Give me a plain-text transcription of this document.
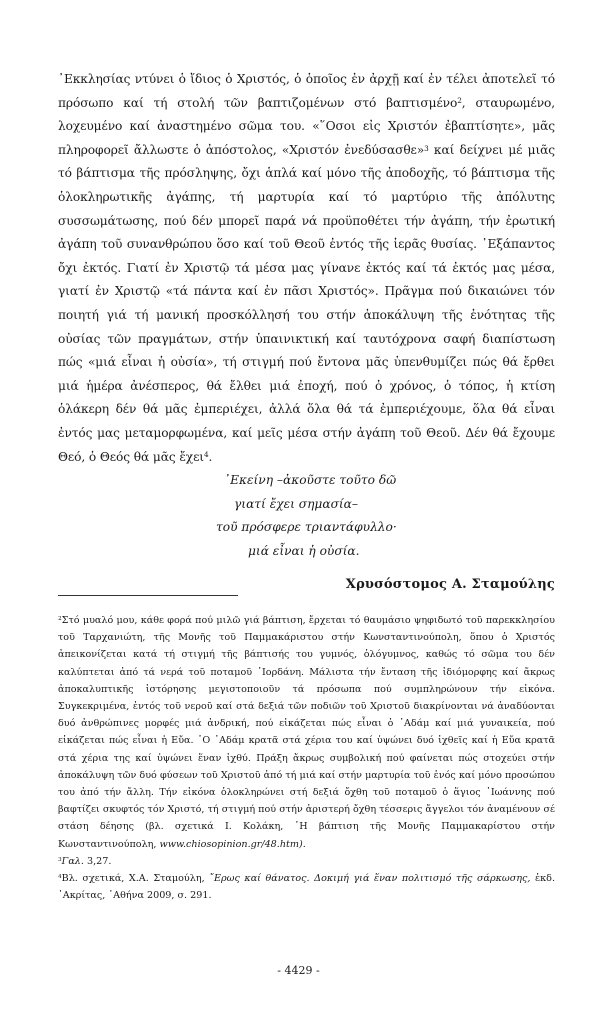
᾿Εκκλησίας ντύνει ὁ ἴδιος ὁ Χριστός, ὁ ὁποῖος ἐν ἀρχῇ καί ἐν τέλει ἀποτελεῖ τό πρόσωπο καί τή στολή τῶν βαπτιζομένων στό βαπτισμένο$^2$, σταυρωμένο, λοχευμένο καί ἀναστημένο σῶμα του. «῞Οσοι εἰς Χριστόν ἐβαπτίσητε», μᾶς πληροφορεῖ ἄλλωστε ὁ ἀπόστολος, «Χριστόν ἐνεδύσασθε»$^3$ καί δείχνει μέ μιᾶς τό βάπτισμα τῆς πρόσληψης, ὄχι ἁπλά καί μόνο τῆς ἀποδοχῆς, τό βάπτισμα τῆς ὁλοκληρωτικῆς ἀγάπης, τή μαρτυρία καί τό μαρτύριο τῆς ἀπόλυτης συσσωμάτωσης, πού δέν μπορεῖ παρά νά προϋποθέτει τήν ἀγάπη, τήν ἐρωτική ἀγάπη τοῦ συνανθρώπου ὅσο καί τοῦ Θεοῦ ἐντός τῆς ἱερᾶς θυσίας. ᾿Εξάπαντος ὄχι ἐκτός. Γιατί ἐν Χριστῷ τά μέσα μας γίνανε ἐκτός καί τά ἐκτός μας μέσα, γιατί ἐν Χριστῷ «τά πάντα καί ἐν πᾶσι Χριστός». Πρᾶγμα πού δικαιώνει τόν ποιητή γιά τή μανική προσκόλλησή του στήν ἀποκάλυψη τῆς ἑνότητας τῆς οὐσίας τῶν πραγμάτων, στήν ὑπαινικτική καί ταυτόχρονα σαφή διαπίστωση πώς «μιά εἶναι ἡ οὐσία», τή στιγμή πού ἔντονα μᾶς ὑπενθυμίζει πώς θά ἔρθει μιά ἡμέρα ἀνέσπερος, θά ἔλθει μιά ἐποχή, πού ὁ χρόνος, ὁ τόπος, ἡ κτίση ὁλάκερη δέν θά μᾶς ἐμπεριέχει, ἀλλά ὅλα θά τά ἐμπεριέχουμε, ὅλα θά εἶναι ἐντός μας μεταμορφωμένα, καί μεῖς μέσα στήν ἀγάπη τοῦ Θεοῦ. Δέν θά ἔχουμε Θεό, ὁ Θεός θά μᾶς ἔχει$^4$.

᾿Εκείνη –ἀκοῦστε τοῦτο δῶ
γιατί ἔχει σημασία–
τοῦ πρόσφερε τριαντάφυλλο·
μιά εἶναι ἡ οὐσία.
Χρυσόστομος Α. Σταμούλης

$^2$Στό μυαλό μου, κάθε φορά πού μιλῶ γιά βάπτιση, ἔρχεται τό θαυμάσιο ψηφιδωτό τοῦ παρεκκλησίου τοῦ Ταρχανιώτη, τῆς Μονῆς τοῦ Παμμακάριστου στήν Κωνσταντινούπολη, ὅπου ὁ Χριστός ἀπεικονίζεται κατά τή στιγμή τῆς βάπτισής του γυμνός, ὁλόγυμνος, καθώς τό σῶμα του δέν καλύπτεται ἀπό τά νερά τοῦ ποταμοῦ ᾿Ιορδάνη. Μάλιστα τήν ἔνταση τῆς ἰδιόμορφης καί ἄκρως ἀποκαλυπτικῆς ἱστόρησης μεγιστοποιοῦν τά πρόσωπα πού συμπληρώνουν τήν εἰκόνα. Συγκεκριμένα, ἐντός τοῦ νεροῦ καί στά δεξιά τῶν ποδιῶν τοῦ Χριστοῦ διακρίνονται νά ἀναδύονται δυό ἀνθρώπινες μορφές μιά ἀνδρική, πού εἰκάζεται πώς εἶναι ὁ ᾿Αδάμ καί μιά γυναικεία, πού εἰκάζεται πώς εἶναι ἡ Εὔα. ῾Ο ᾿Αδάμ κρατᾶ στά χέρια του καί ὑψώνει δυό ἰχθεῖς καί ἡ Εὔα κρατᾶ στά χέρια της καί ὑψώνει ἕναν ἰχθύ. Πράξη ἄκρως συμβολική πού φαίνεται πώς στοχεύει στήν ἀποκάλυψη τῶν δυό φύσεων τοῦ Χριστοῦ ἀπό τή μιά καί στήν μαρτυρία τοῦ ἑνός καί μόνο προσώπου του ἀπό τήν ἄλλη. Τήν εἰκόνα ὁλοκληρώνει στή δεξιά ὄχθη τοῦ ποταμοῦ ὁ ἅγιος ᾿Ιωάννης πού βαφτίζει σκυφτός τόν Χριστό, τή στιγμή πού στήν ἀριστερή ὄχθη τέσσερις ἄγγελοι τόν ἀναμένουν σέ στάση δέησης (βλ. σχετικά Ι. Κολάκη, ῾Η βάπτιση τῆς Μονῆς Παμμακαρίστου στήν Κωνσταντινούπολη, www.chiosopinion.gr/48.htm).

$^3$Γαλ. 3,27.

$^4$Βλ. σχετικά, Χ.Α. Σταμούλη, ῎Ερως καί θάνατος. Δοκιμή γιά ἕναν πολιτισμό τῆς σάρκωσης, ἐκδ. ᾿Ακρίτας, ᾿Αθήνα 2009, σ. 291.

- 4429 -
